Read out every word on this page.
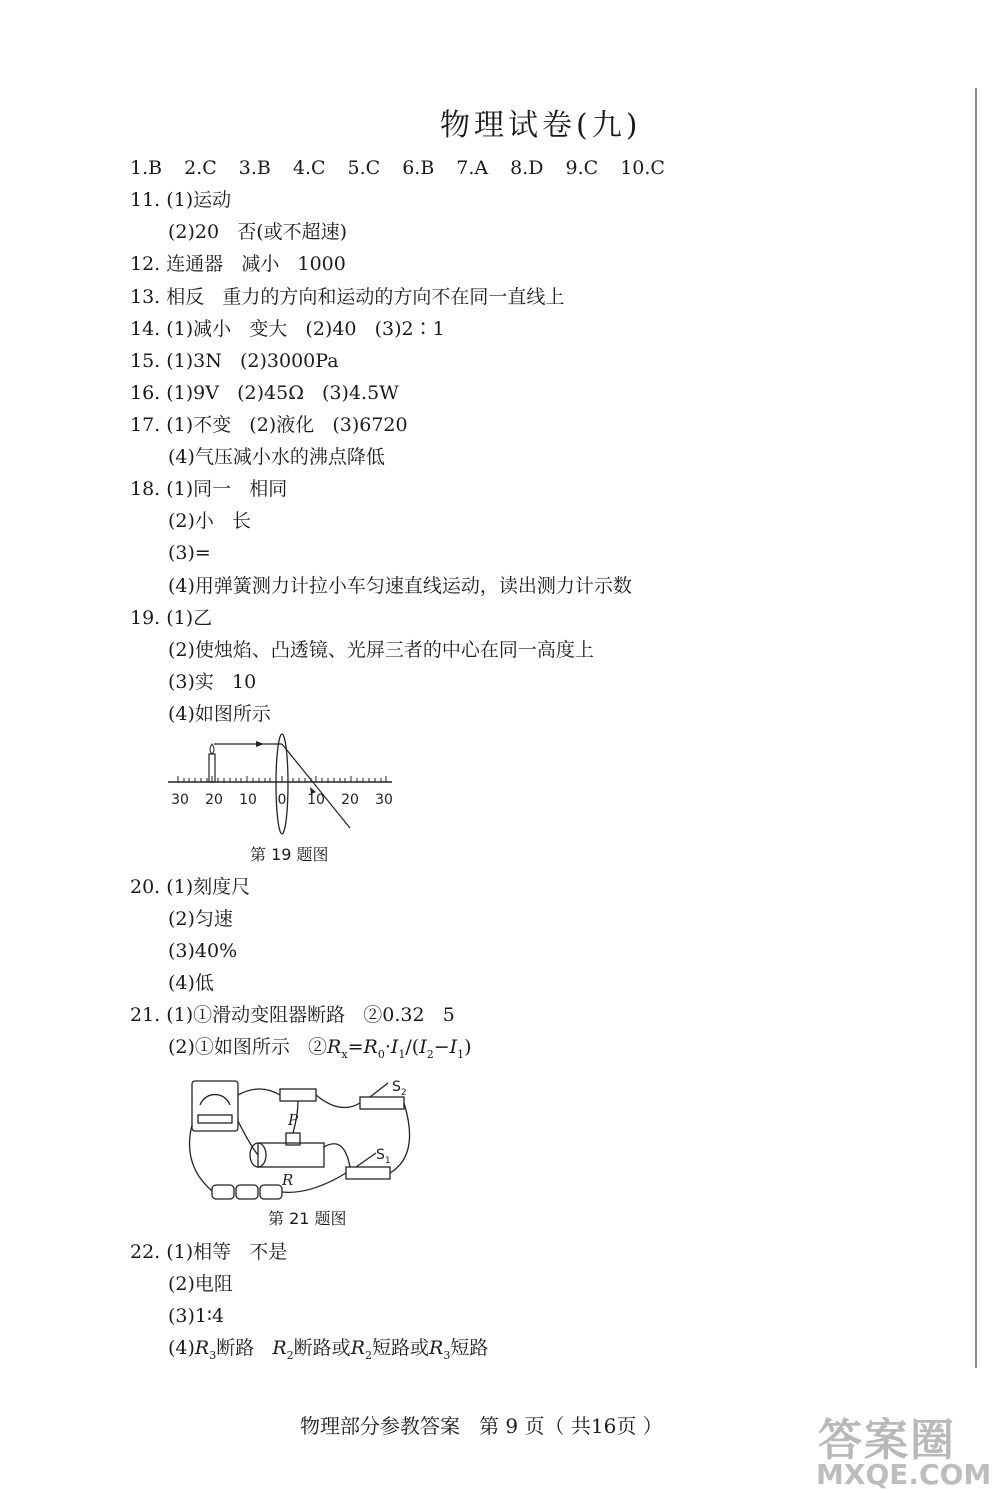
物理试卷(九)
1.B 2.C 3.B 4.C 5.C 6.B 7.A 8.D 9.C 10.C
11. (1)运动
(2)20   否(或不超速)
12. 连通器   减小   1000
13. 相反   重力的方向和运动的方向不在同一直线上
14. (1)减小   变大   (2)40   (3)2∶1
15. (1)3N   (2)3000Pa
16. (1)9V   (2)45Ω   (3)4.5W
17. (1)不变   (2)液化   (3)6720
(4)气压减小水的沸点降低
18. (1)同一   相同
(2)小   长
(3)=
(4)用弹簧测力计拉小车匀速直线运动，读出测力计示数
19. (1)乙
(2)使烛焰、凸透镜、光屏三者的中心在同一高度上
(3)实   10
(4)如图所示
30 20 10 0 10 20 30
第 19 题图
20. (1)刻度尺
(2)匀速
(3)40%
(4)低
21. (1)①滑动变阻器断路   ②0.32   5
(2)①如图所示   $②R_x=R_0\cdot I_1/(I_2-I_1)$
P
R
$S_2$
$S_1$
第 21 题图
22. (1)相等   不是
(2)电阻
(3)1∶4
$(4)R_3$断路   $R_2$断路或$R_2$短路或$R_3$短路
物理部分参教答案   第 9 页（ 共16页 ）	答案圈
MXQE.COM
